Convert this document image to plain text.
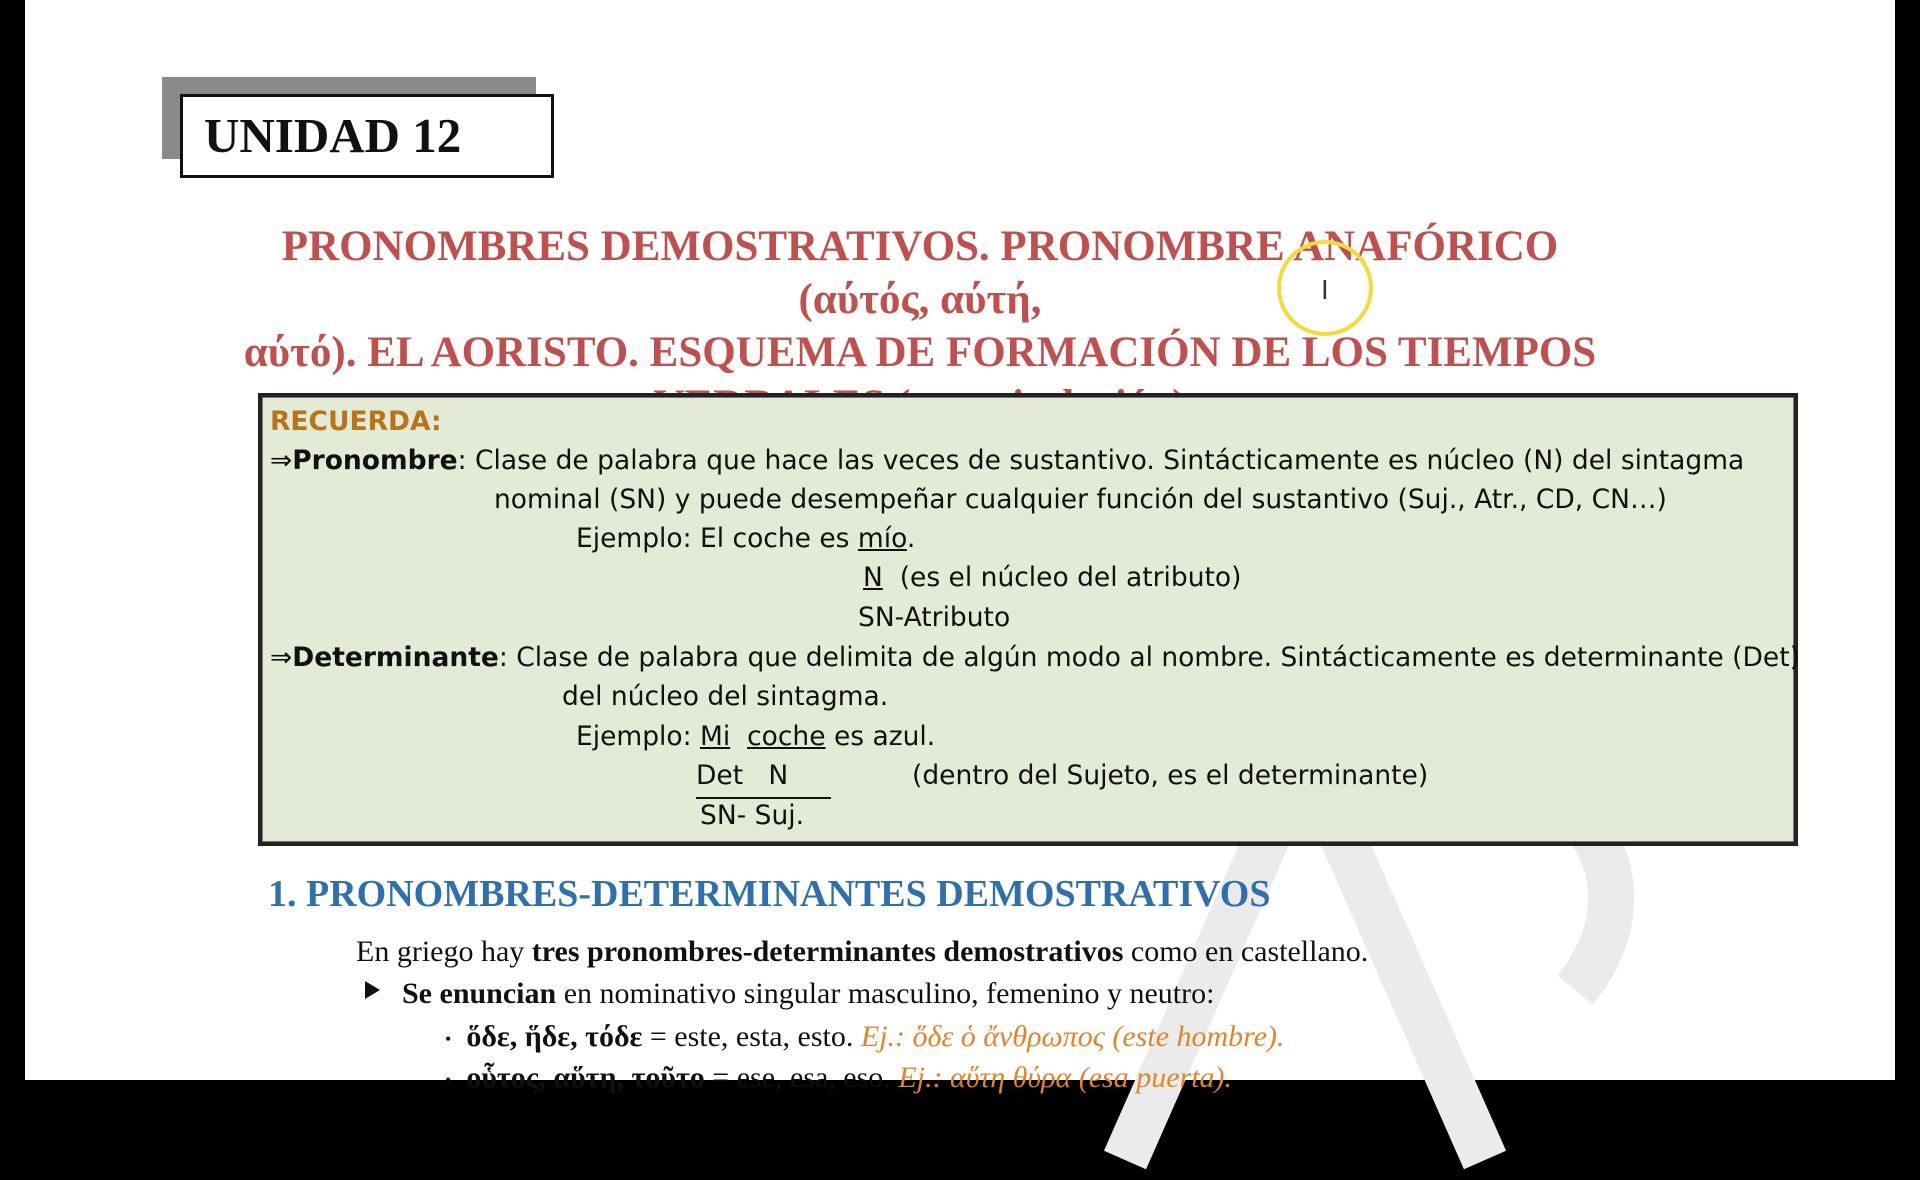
UNIDAD 12
PRONOMBRES DEMOSTRATIVOS. PRONOMBRE ANAFÓRICO (αύτός, αύτή,
αύτό). EL AORISTO. ESQUEMA DE FORMACIÓN DE LOS TIEMPOS
RECUERDA:
⇒Pronombre: Clase de palabra que hace las veces de sustantivo. Sintácticamente es núcleo (N) del sintagma
nominal (SN) y puede desempeñar cualquier función del sustantivo (Suj., Atr., CD, CN…)
Ejemplo: El coche es mío.
N (es el núcleo del atributo)
SN-Atributo
⇒Determinante: Clase de palabra que delimita de algún modo al nombre. Sintácticamente es determinante (Det)
del núcleo del sintagma.
Ejemplo: Mi coche es azul.
Det   N	(dentro del Sujeto, es el determinante)
SN- Suj.
1. PRONOMBRES-DETERMINANTES DEMOSTRATIVOS
En griego hay tres pronombres-determinantes demostrativos como en castellano.
Se enuncian en nominativo singular masculino, femenino y neutro:
• ὅδε, ἥδε, τόδε = este, esta, esto. Ej.: ὅδε ὁ ἄνθρωπος (este hombre).
• οὗτος, αὕτη, τοῦτο = ese, esa, eso. Ej.: αὕτη θύρα (esa puerta).
I
